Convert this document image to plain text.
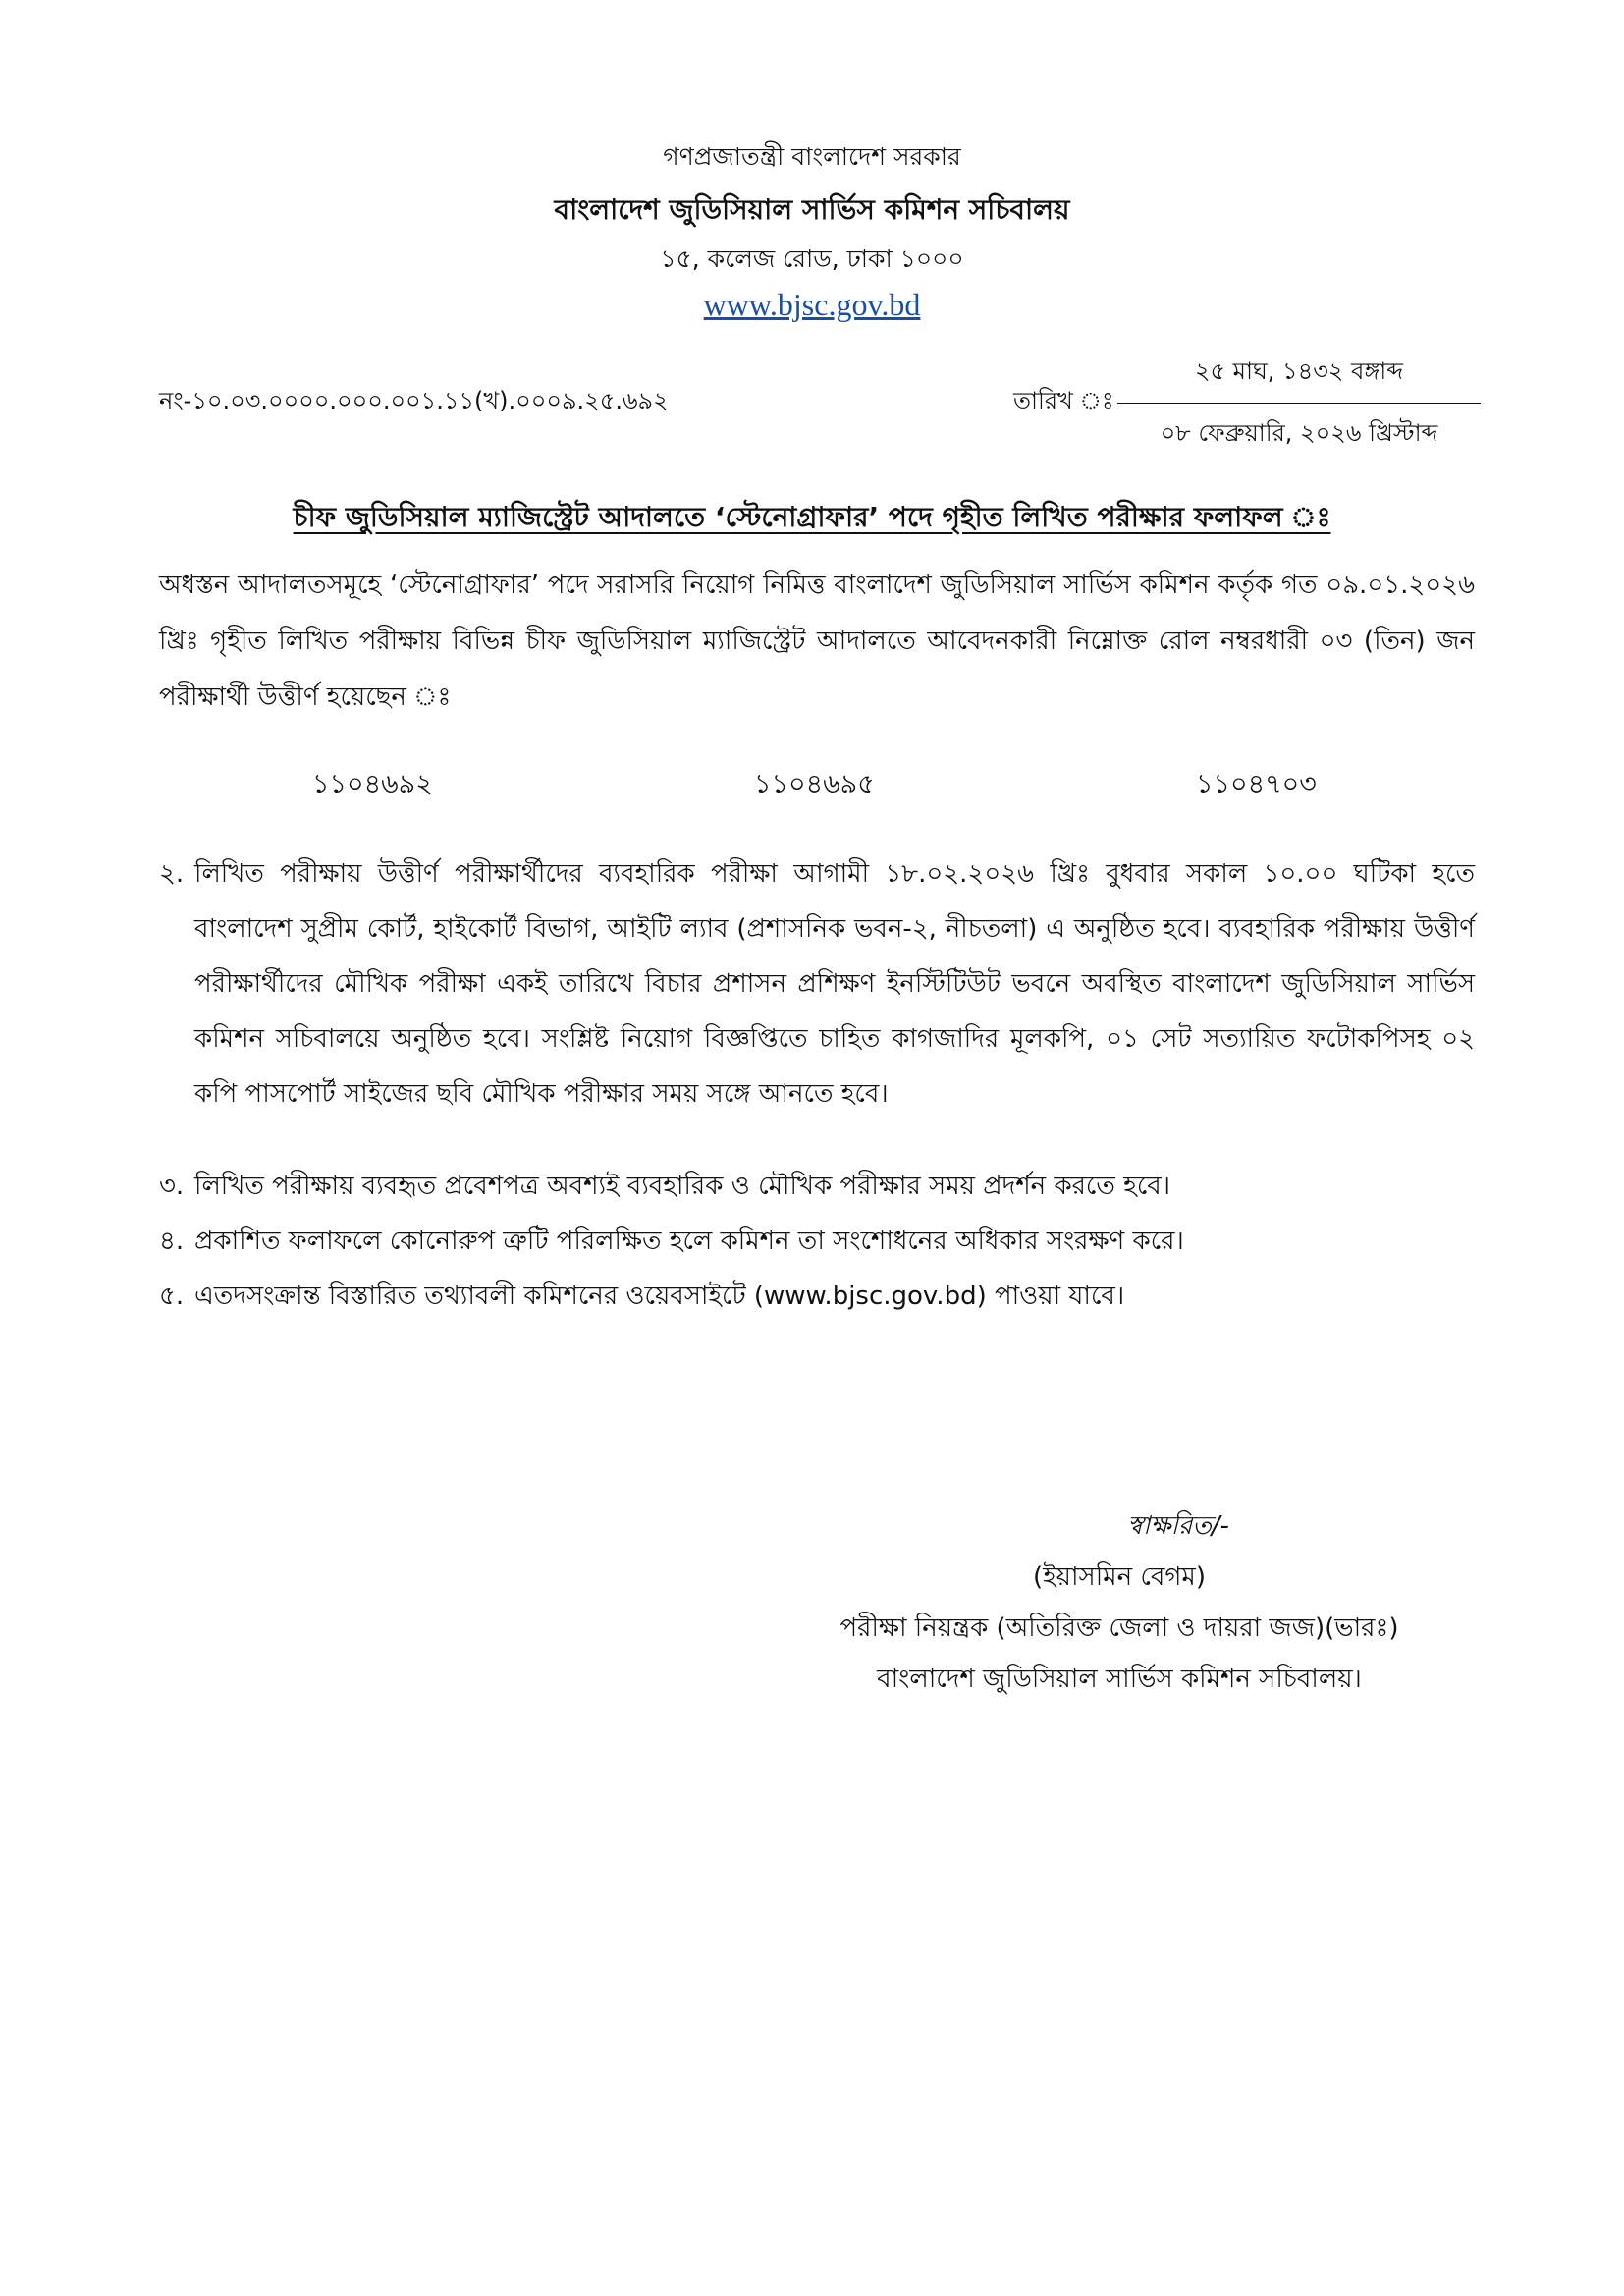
গণপ্রজাতন্ত্রী বাংলাদেশ সরকার
বাংলাদেশ জুডিসিয়াল সার্ভিস কমিশন সচিবালয়
১৫, কলেজ রোড, ঢাকা ১০০০
www.bjsc.gov.bd
নং-১০.০৩.০০০০.০০০.০০১.১১(খ).০০০৯.২৫.৬৯২	তারিখ ঃ
২৫ মাঘ, ১৪৩২ বঙ্গাব্দ
০৮ ফেব্রুয়ারি, ২০২৬ খ্রিস্টাব্দ
চীফ জুডিসিয়াল ম্যাজিস্ট্রেট আদালতে ‘স্টেনোগ্রাফার’ পদে গৃহীত লিখিত পরীক্ষার ফলাফল ঃ
অধস্তন আদালতসমূহে ‘স্টেনোগ্রাফার’ পদে সরাসরি নিয়োগ নিমিত্ত বাংলাদেশ জুডিসিয়াল সার্ভিস কমিশন কর্তৃক গত ০৯.০১.২০২৬ খ্রিঃ গৃহীত লিখিত পরীক্ষায় বিভিন্ন চীফ জুডিসিয়াল ম্যাজিস্ট্রেট আদালতে আবেদনকারী নিম্নোক্ত রোল নম্বরধারী ০৩ (তিন) জন পরীক্ষার্থী উত্তীর্ণ হয়েছেন ঃ
১১০৪৬৯২	১১০৪৬৯৫	১১০৪৭০৩
২. লিখিত পরীক্ষায় উত্তীর্ণ পরীক্ষার্থীদের ব্যবহারিক পরীক্ষা আগামী ১৮.০২.২০২৬ খ্রিঃ বুধবার সকাল ১০.০০ ঘটিকা হতে বাংলাদেশ সুপ্রীম কোর্ট, হাইকোর্ট বিভাগ, আইটি ল্যাব (প্রশাসনিক ভবন-২, নীচতলা) এ অনুষ্ঠিত হবে। ব্যবহারিক পরীক্ষায় উত্তীর্ণ পরীক্ষার্থীদের মৌখিক পরীক্ষা একই তারিখে বিচার প্রশাসন প্রশিক্ষণ ইনস্টিটিউট ভবনে অবস্থিত বাংলাদেশ জুডিসিয়াল সার্ভিস কমিশন সচিবালয়ে অনুষ্ঠিত হবে। সংশ্লিষ্ট নিয়োগ বিজ্ঞপ্তিতে চাহিত কাগজাদির মূলকপি, ০১ সেট সত্যায়িত ফটোকপিসহ ০২ কপি পাসপোর্ট সাইজের ছবি মৌখিক পরীক্ষার সময় সঙ্গে আনতে হবে।
৩. লিখিত পরীক্ষায় ব্যবহৃত প্রবেশপত্র অবশ্যই ব্যবহারিক ও মৌখিক পরীক্ষার সময় প্রদর্শন করতে হবে।
৪. প্রকাশিত ফলাফলে কোনোরুপ ত্রুটি পরিলক্ষিত হলে কমিশন তা সংশোধনের অধিকার সংরক্ষণ করে।
৫. এতদসংক্রান্ত বিস্তারিত তথ্যাবলী কমিশনের ওয়েবসাইটে (www.bjsc.gov.bd) পাওয়া যাবে।
স্বাক্ষরিত/-
(ইয়াসমিন বেগম)
পরীক্ষা নিয়ন্ত্রক (অতিরিক্ত জেলা ও দায়রা জজ)(ভারঃ)
বাংলাদেশ জুডিসিয়াল সার্ভিস কমিশন সচিবালয়।
